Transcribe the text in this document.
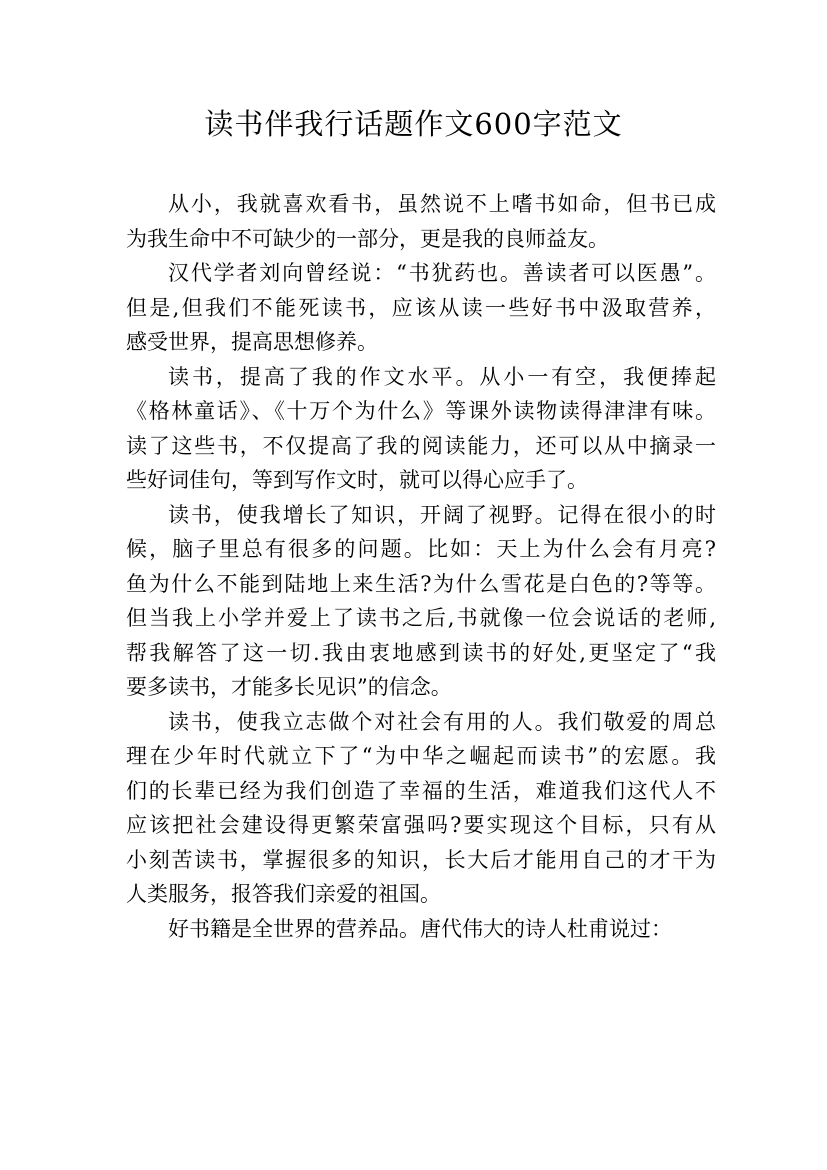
读书伴我行话题作文600字范文

从小，我就喜欢看书，虽然说不上嗜书如命，但书已成
为我生命中不可缺少的一部分，更是我的良师益友。

汉代学者刘向曾经说：“书犹药也。善读者可以医愚”。
但是,但我们不能死读书，应该从读一些好书中汲取营养，
感受世界，提高思想修养。

读书，提高了我的作文水平。从小一有空，我便捧起
《格林童话》、《十万个为什么》等课外读物读得津津有味。
读了这些书，不仅提高了我的阅读能力，还可以从中摘录一
些好词佳句，等到写作文时，就可以得心应手了。

读书，使我增长了知识，开阔了视野。记得在很小的时
候，脑子里总有很多的问题。比如：天上为什么会有月亮?
鱼为什么不能到陆地上来生活?为什么雪花是白色的?等等。
但当我上小学并爱上了读书之后,书就像一位会说话的老师,
帮我解答了这一切.我由衷地感到读书的好处,更坚定了“我
要多读书，才能多长见识”的信念。

读书，使我立志做个对社会有用的人。我们敬爱的周总
理在少年时代就立下了“为中华之崛起而读书”的宏愿。我
们的长辈已经为我们创造了幸福的生活，难道我们这代人不
应该把社会建设得更繁荣富强吗?要实现这个目标，只有从
小刻苦读书，掌握很多的知识，长大后才能用自己的才干为
人类服务，报答我们亲爱的祖国。

好书籍是全世界的营养品。唐代伟大的诗人杜甫说过：
